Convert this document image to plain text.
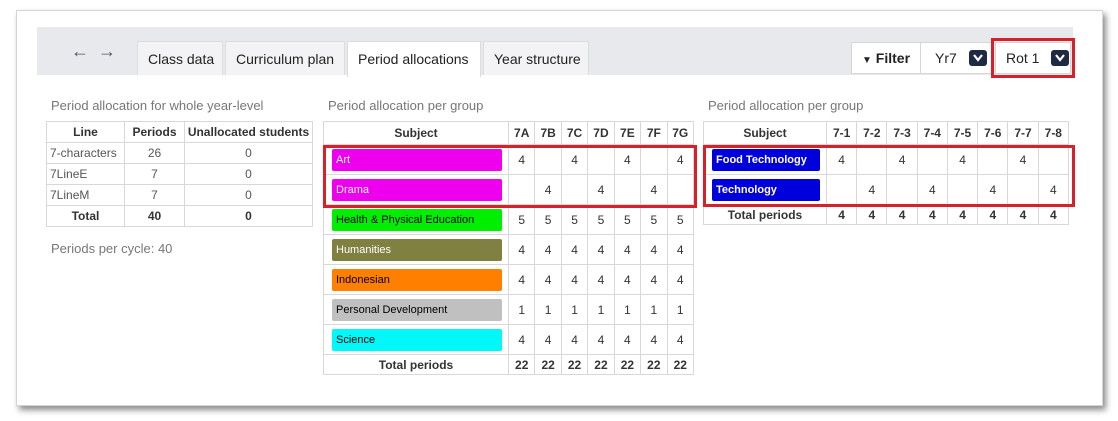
← →	Class data	Curriculum plan	Period allocations	Year structure	▼ Filter	Yr7	Rot 1
Period allocation for whole year-level
Line	Periods	Unallocated students
7-characters	26	0
7LineE	7	0
7LineM	7	0
Total	40	0
Periods per cycle: 40
Period allocation per group
Subject	7A	7B	7C	7D	7E	7F	7G

Art	4		4		4		4

Drama		4		4		4	

Health & Physical Education	5	5	5	5	5	5	5

Humanities	4	4	4	4	4	4	4

Indonesian	4	4	4	4	4	4	4

Personal Development	1	1	1	1	1	1	1

Science	4	4	4	4	4	4	4
Total periods	22	22	22	22	22	22	22
Period allocation per group
Subject	7-1	7-2	7-3	7-4	7-5	7-6	7-7	7-8

Food Technology	4		4		4		4	

Technology		4		4		4		4
Total periods	4	4	4	4	4	4	4	4
